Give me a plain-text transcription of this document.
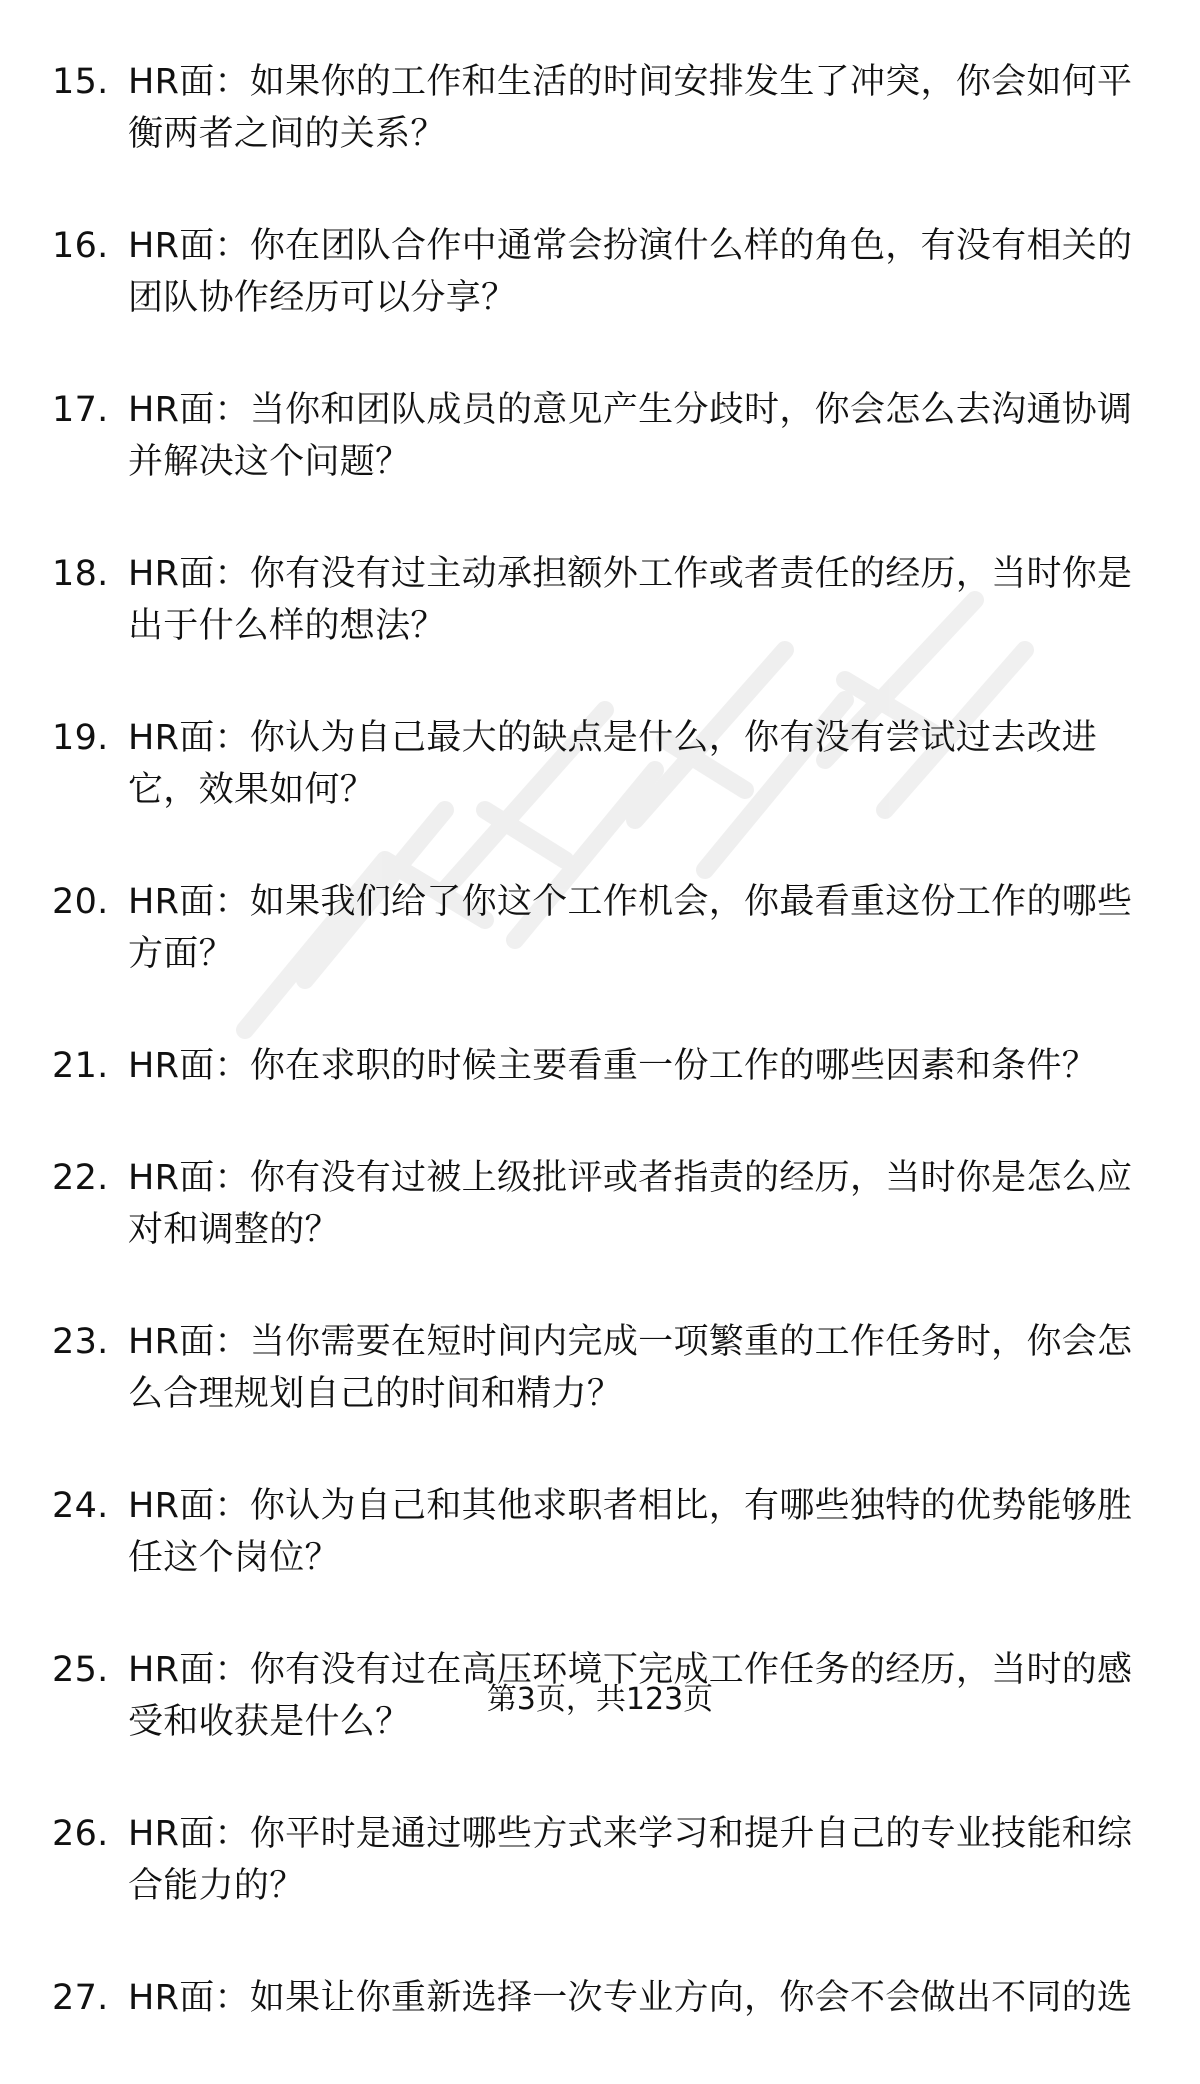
15. HR面：如果你的工作和生活的时间安排发生了冲突，你会如何平衡两者之间的关系？
16. HR面：你在团队合作中通常会扮演什么样的角色，有没有相关的团队协作经历可以分享？
17. HR面：当你和团队成员的意见产生分歧时，你会怎么去沟通协调并解决这个问题？
18. HR面：你有没有过主动承担额外工作或者责任的经历，当时你是出于什么样的想法？
19. HR面：你认为自己最大的缺点是什么，你有没有尝试过去改进它，效果如何？
20. HR面：如果我们给了你这个工作机会，你最看重这份工作的哪些方面？
21. HR面：你在求职的时候主要看重一份工作的哪些因素和条件？
22. HR面：你有没有过被上级批评或者指责的经历，当时你是怎么应对和调整的？
23. HR面：当你需要在短时间内完成一项繁重的工作任务时，你会怎么合理规划自己的时间和精力？
24. HR面：你认为自己和其他求职者相比，有哪些独特的优势能够胜任这个岗位？
25. HR面：你有没有过在高压环境下完成工作任务的经历，当时的感受和收获是什么？
26. HR面：你平时是通过哪些方式来学习和提升自己的专业技能和综合能力的？
27. HR面：如果让你重新选择一次专业方向，你会不会做出不同的选
第3页，共123页
